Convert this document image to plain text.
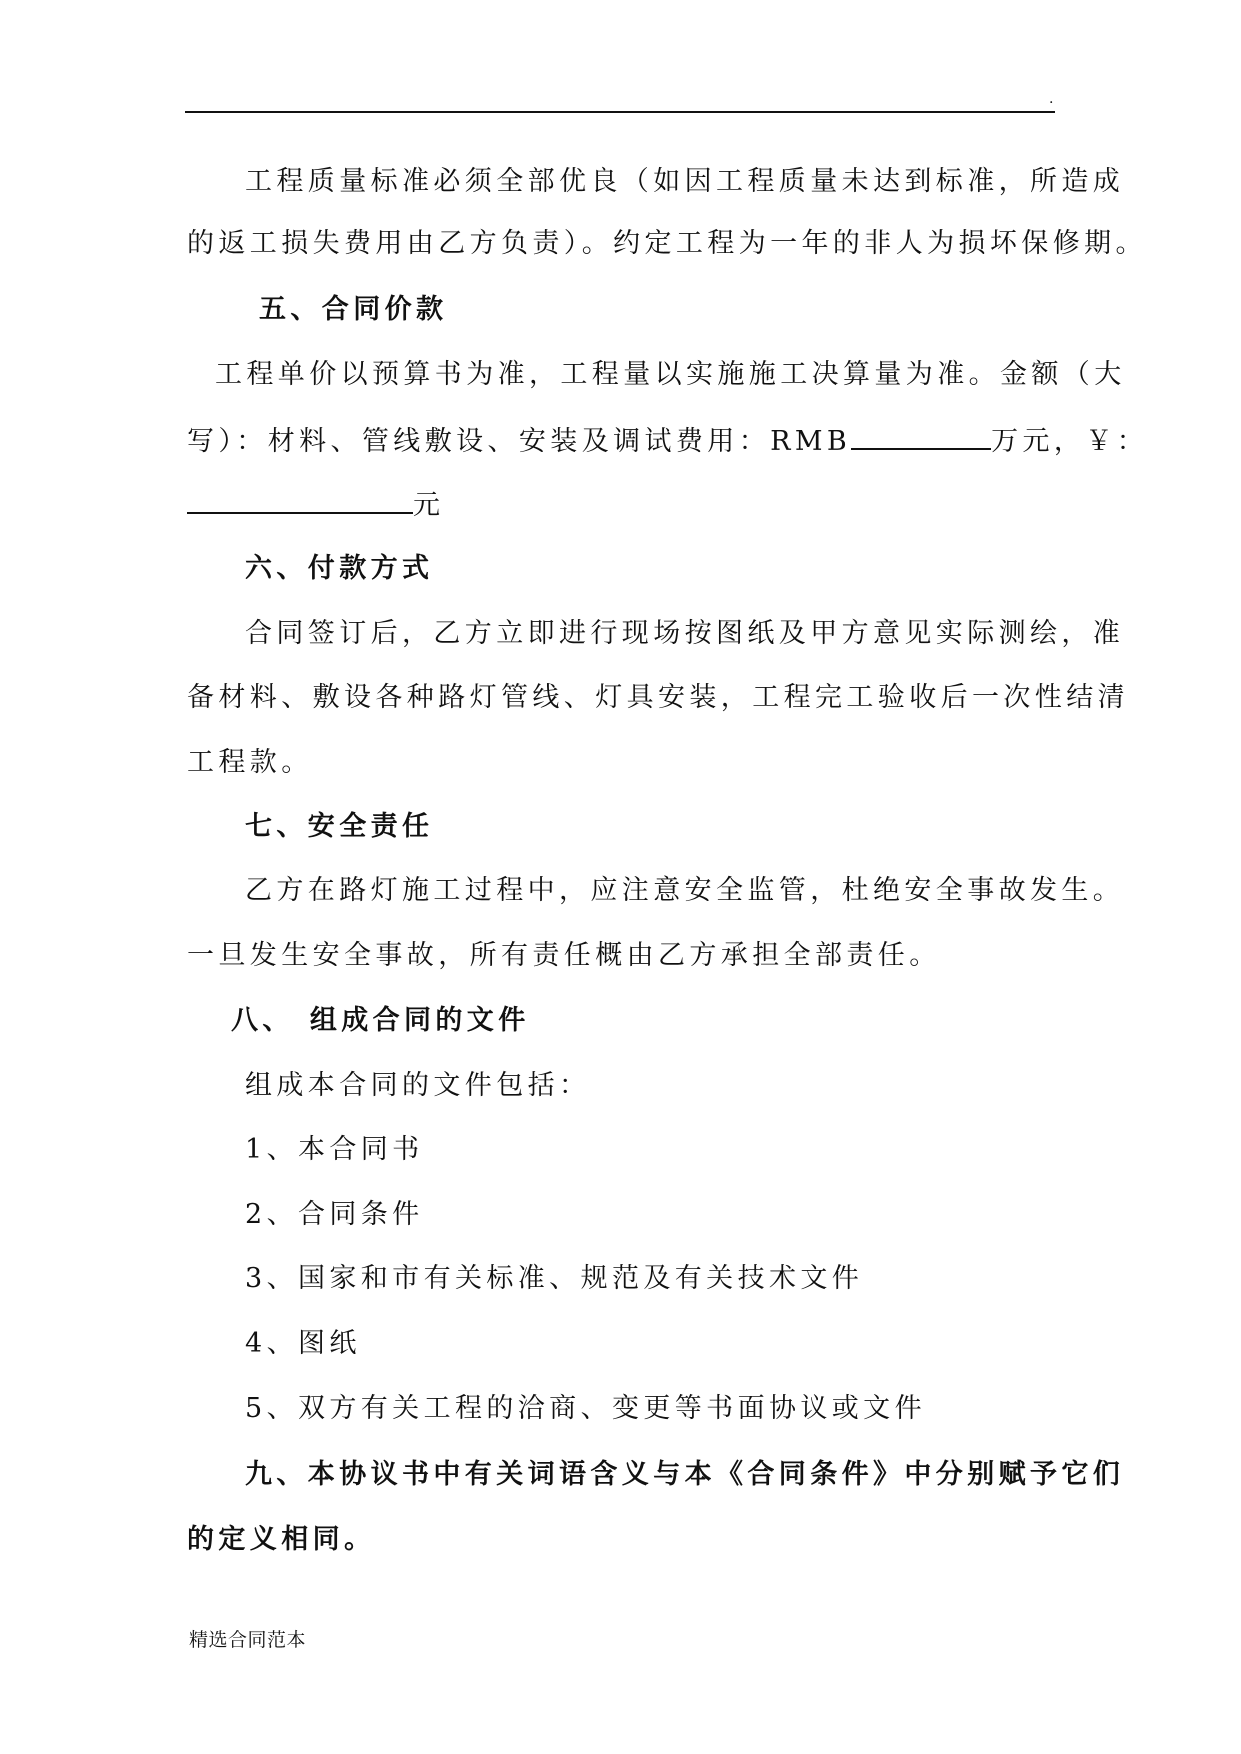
.
工程质量标准必须全部优良（如因工程质量未达到标准，所造成
的返工损失费用由乙方负责）。约定工程为一年的非人为损坏保修期。
五、合同价款
工程单价以预算书为准，工程量以实施施工决算量为准。金额（大
写）：材料、管线敷设、安装及调试费用：RMB	万元，￥：
元
六、付款方式
合同签订后，乙方立即进行现场按图纸及甲方意见实际测绘，准
备材料、敷设各种路灯管线、灯具安装，工程完工验收后一次性结清
工程款。
七、安全责任
乙方在路灯施工过程中，应注意安全监管，杜绝安全事故发生。
一旦发生安全事故，所有责任概由乙方承担全部责任。
八、 组成合同的文件
组成本合同的文件包括：
1、本合同书
2、合同条件
3、国家和市有关标准、规范及有关技术文件
4、图纸
5、双方有关工程的洽商、变更等书面协议或文件
九、本协议书中有关词语含义与本《合同条件》中分别赋予它们
的定义相同。
精选合同范本
